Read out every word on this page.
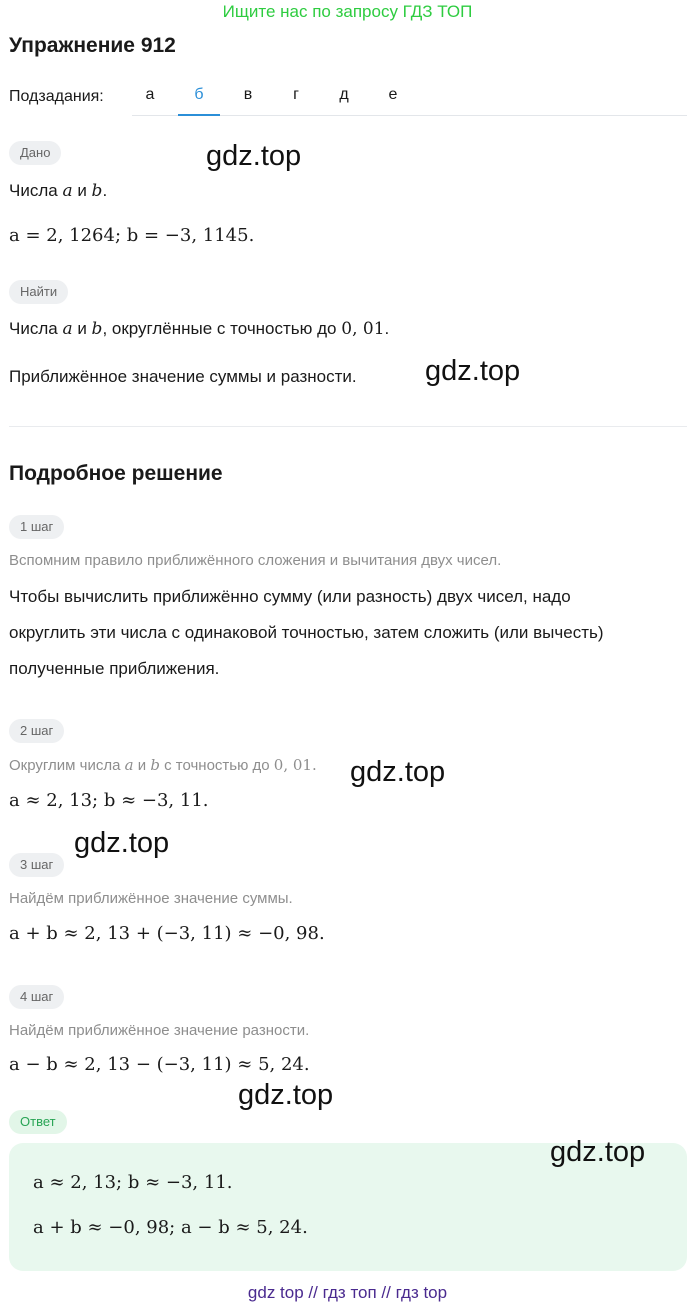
Ищите нас по запросу ГДЗ ТОП
Упражнение 912
Подзадания:	а	б	в	г	д	е
Дано	gdz.top
Числа a и b.
a = 2, 1264; b = −3, 1145.
Найти
Числа a и b, округлённые с точностью до 0, 01.
Приближённое значение суммы и разности. gdz.top
Подробное решение
1 шаг
Вспомним правило приближённого сложения и вычитания двух чисел.
Чтобы вычислить приближённо сумму (или разность) двух чисел, надо
округлить эти числа с одинаковой точностью, затем сложить (или вычесть)
полученные приближения.
2 шаг
Округлим числа a и b с точностью до 0, 01. gdz.top
a ≈ 2, 13; b ≈ −3, 11.
gdz.top
3 шаг
Найдём приближённое значение суммы.
a + b ≈ 2, 13 + (−3, 11) ≈ −0, 98.
4 шаг
Найдём приближённое значение разности.
a − b ≈ 2, 13 − (−3, 11) ≈ 5, 24.
gdz.top
Ответ
gdz.top
a ≈ 2, 13; b ≈ −3, 11.
a + b ≈ −0, 98; a − b ≈ 5, 24.
gdz top // гдз топ // гдз top
